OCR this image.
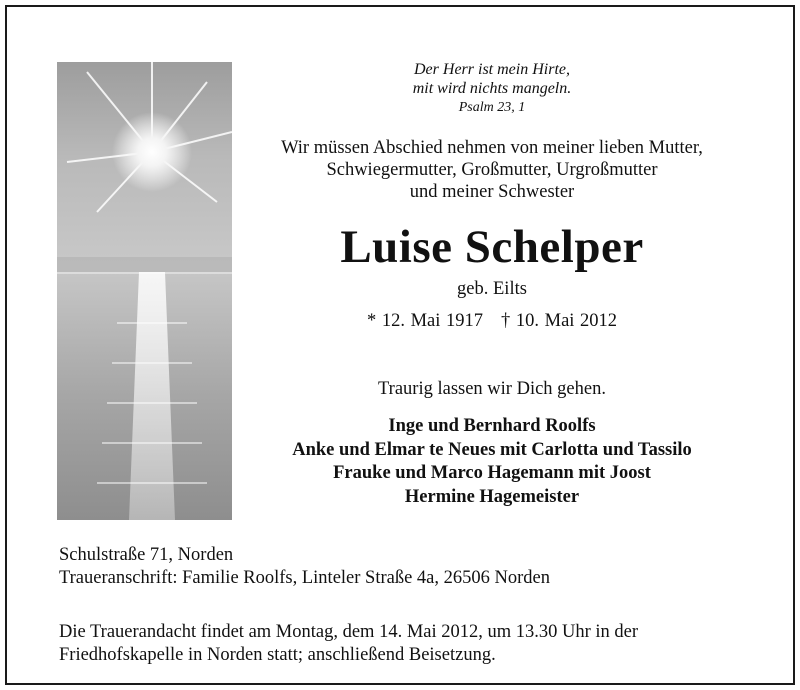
Der Herr ist mein Hirte,
mit wird nichts mangeln.
Psalm 23, 1
Wir müssen Abschied nehmen von meiner lieben Mutter,
Schwiegermutter, Großmutter, Urgroßmutter
und meiner Schwester
Luise Schelper
geb. Eilts
* 12. Mai 1917 † 10. Mai 2012
Traurig lassen wir Dich gehen.
Inge und Bernhard Roolfs
Anke und Elmar te Neues mit Carlotta und Tassilo
Frauke und Marco Hagemann mit Joost
Hermine Hagemeister
Schulstraße 71, Norden
Traueranschrift: Familie Roolfs, Linteler Straße 4a, 26506 Norden
Die Trauerandacht findet am Montag, dem 14. Mai 2012, um 13.30 Uhr in der
Friedhofskapelle in Norden statt; anschließend Beisetzung.
